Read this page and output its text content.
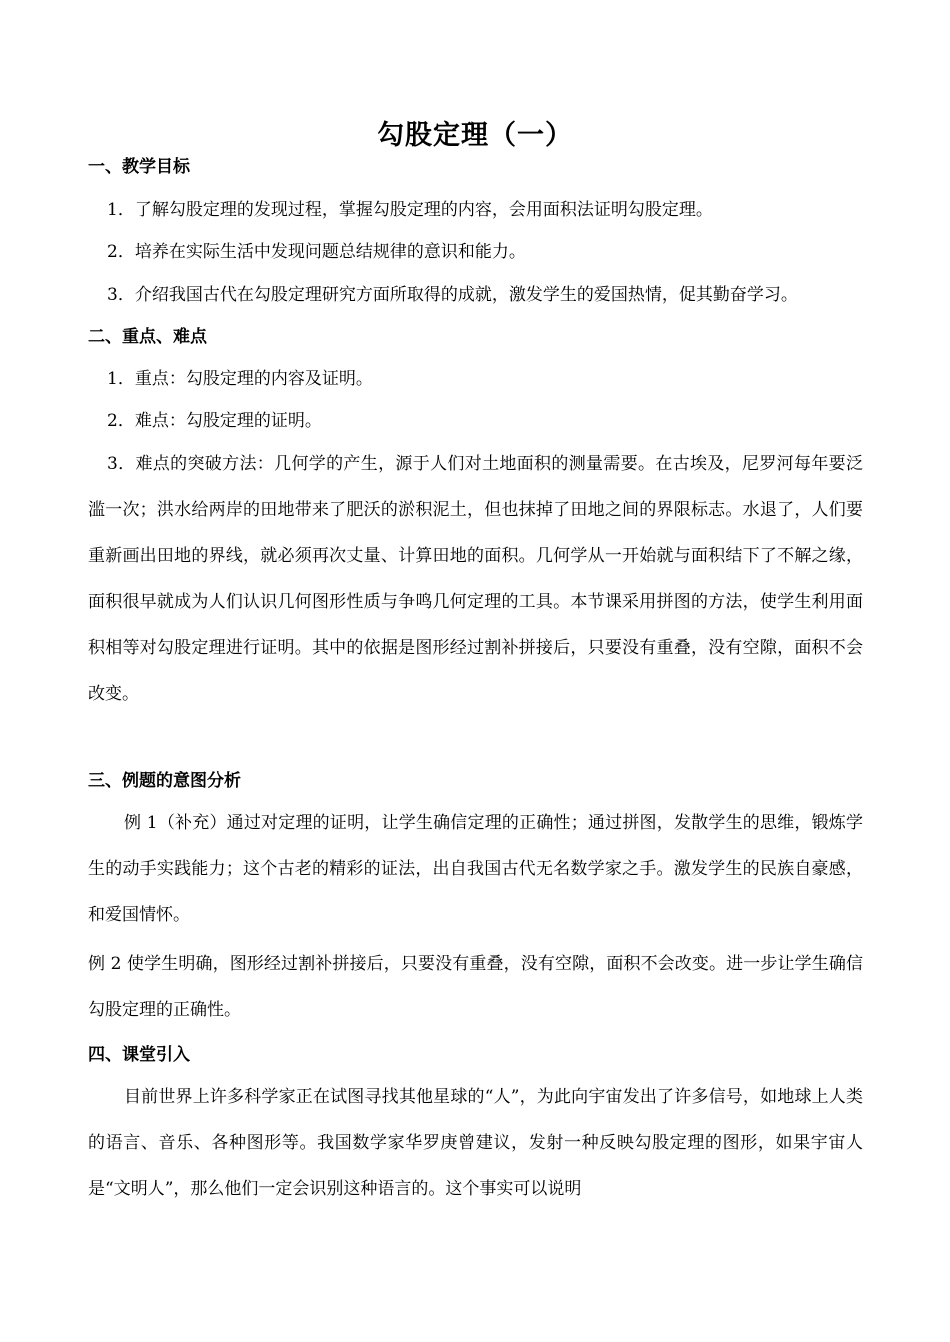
勾股定理（一）
一、教学目标
1．了解勾股定理的发现过程，掌握勾股定理的内容，会用面积法证明勾股定理。
2．培养在实际生活中发现问题总结规律的意识和能力。
3．介绍我国古代在勾股定理研究方面所取得的成就，激发学生的爱国热情，促其勤奋学习。
二、重点、难点
1．重点：勾股定理的内容及证明。
2．难点：勾股定理的证明。
3．难点的突破方法：几何学的产生，源于人们对土地面积的测量需要。在古埃及，尼罗河每年要泛滥一次；洪水给两岸的田地带来了肥沃的淤积泥土，但也抹掉了田地之间的界限标志。水退了，人们要重新画出田地的界线，就必须再次丈量、计算田地的面积。几何学从一开始就与面积结下了不解之缘，面积很早就成为人们认识几何图形性质与争鸣几何定理的工具。本节课采用拼图的方法，使学生利用面积相等对勾股定理进行证明。其中的依据是图形经过割补拼接后，只要没有重叠，没有空隙，面积不会改变。
三、例题的意图分析
例 1（补充）通过对定理的证明，让学生确信定理的正确性；通过拼图，发散学生的思维，锻炼学生的动手实践能力；这个古老的精彩的证法，出自我国古代无名数学家之手。激发学生的民族自豪感，和爱国情怀。
例 2 使学生明确，图形经过割补拼接后，只要没有重叠，没有空隙，面积不会改变。进一步让学生确信勾股定理的正确性。
四、课堂引入
目前世界上许多科学家正在试图寻找其他星球的“人”，为此向宇宙发出了许多信号，如地球上人类的语言、音乐、各种图形等。我国数学家华罗庚曾建议，发射一种反映勾股定理的图形，如果宇宙人是“文明人”，那么他们一定会识别这种语言的。这个事实可以说明
